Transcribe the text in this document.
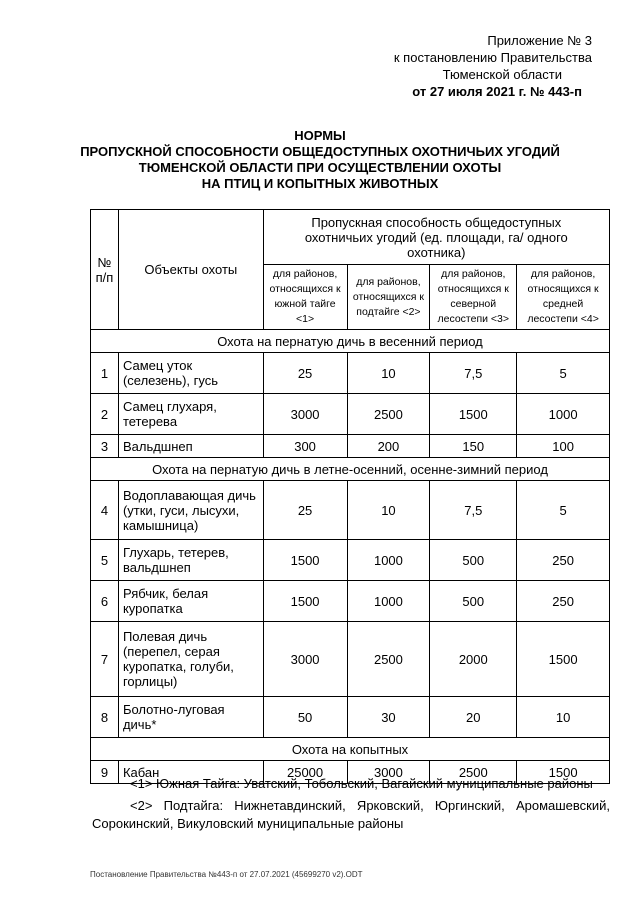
Приложение № 3
к постановлению Правительства
Тюменской области
от 27 июля 2021 г. № 443-п
НОРМЫ
ПРОПУСКНОЙ СПОСОБНОСТИ ОБЩЕДОСТУПНЫХ ОХОТНИЧЬИХ УГОДИЙ
ТЮМЕНСКОЙ ОБЛАСТИ ПРИ ОСУЩЕСТВЛЕНИИ ОХОТЫ
НА ПТИЦ И КОПЫТНЫХ ЖИВОТНЫХ
№ п/п	Объекты охоты	Пропускная способность общедоступных охотничьих угодий (ед. площади, га/ одного охотника)			
		для районов, относящихся к южной тайге <1>	для районов, относящихся к подтайге <2>	для районов, относящихся к северной лесостепи <3>	для районов, относящихся к средней лесостепи <4>
Охота на пернатую дичь в весенний период					
1	Самец уток (селезень), гусь	25	10	7,5	5
2	Самец глухаря, тетерева	3000	2500	1500	1000
3	Вальдшнеп	300	200	150	100
Охота на пернатую дичь в летне-осенний, осенне-зимний период					
4	Водоплавающая дичь (утки, гуси, лысухи, камышница)	25	10	7,5	5
5	Глухарь, тетерев, вальдшнеп	1500	1000	500	250
6	Рябчик, белая куропатка	1500	1000	500	250
7	Полевая дичь (перепел, серая куропатка, голуби, горлицы)	3000	2500	2000	1500
8	Болотно-луговая дичь*	50	30	20	10
Охота на копытных					
9	Кабан	25000	3000	2500	1500

<1> Южная Тайга: Уватский, Тобольский, Вагайский муниципальные районы

<2> Подтайга: Нижнетавдинский, Ярковский, Юргинский, Аромашевский, Сорокинский, Викуловский муниципальные районы

Постановление Правительства №443-п от 27.07.2021 (45699270 v2).ODT
